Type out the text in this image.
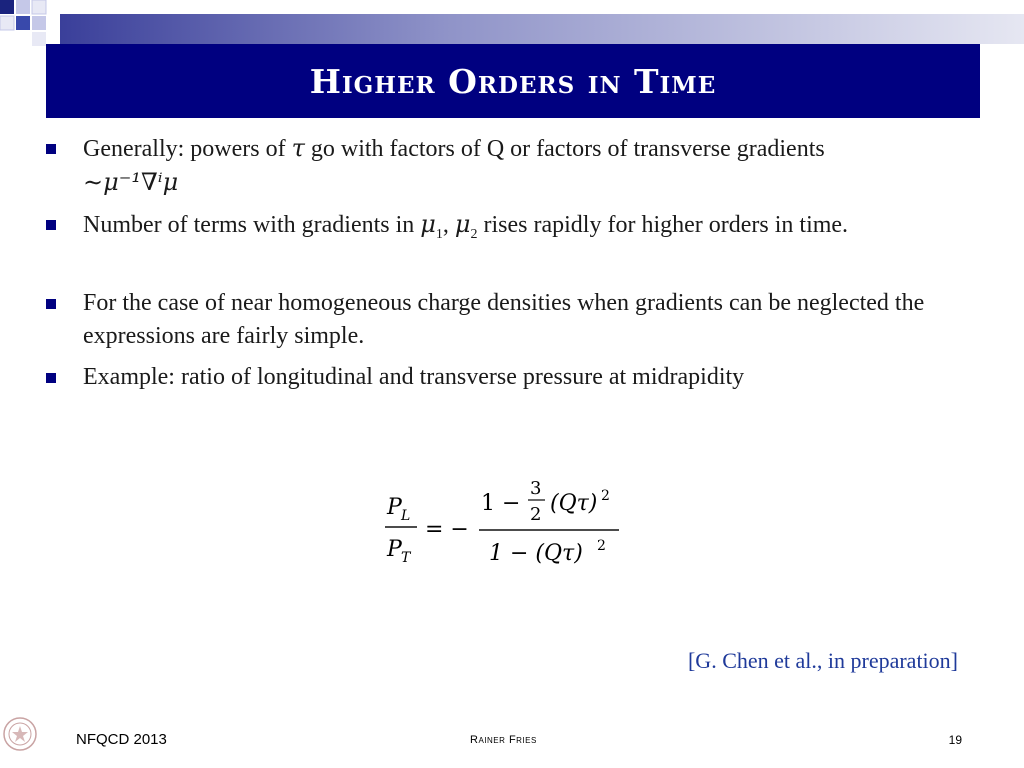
Higher Orders in Time
Generally: powers of τ go with factors of Q or factors of transverse gradients
∼μ⁻¹∇ⁱμ
Number of terms with gradients in $\mu_1$, $\mu_2$ rises rapidly for higher orders in time.
For the case of near homogeneous charge densities when gradients can be neglected the expressions are fairly simple.
Example: ratio of longitudinal and transverse pressure at midrapidity
P L
P T
= −
1 −
3
2 (Qτ) 2
1 − (Qτ) 2
[G. Chen et al., in preparation]
NFQCD 2013	Rainer Fries	19
